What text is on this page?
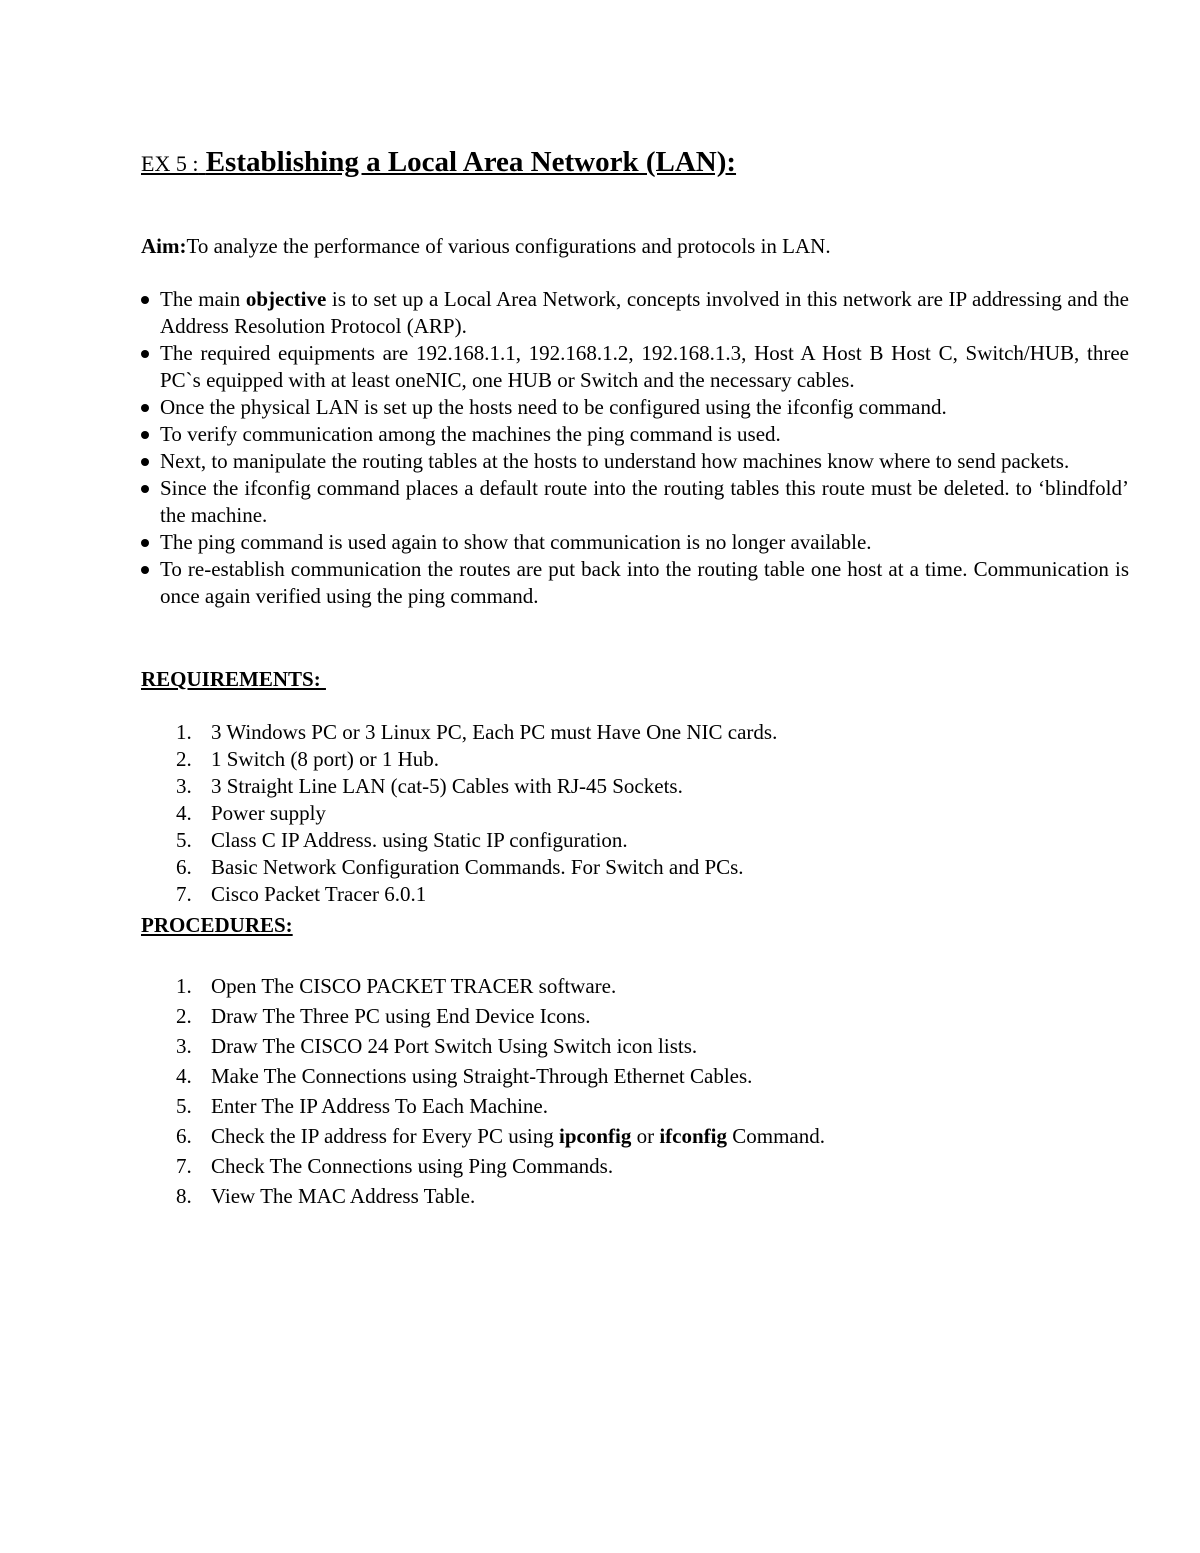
EX 5 : Establishing a Local Area Network (LAN):
Aim:To analyze the performance of various configurations and protocols in LAN.
The main objective is to set up a Local Area Network, concepts involved in this network are IP addressing and the Address Resolution Protocol (ARP).
The required equipments are 192.168.1.1, 192.168.1.2, 192.168.1.3, Host A Host B Host C, Switch/HUB, three PC`s equipped with at least oneNIC, one HUB or Switch and the necessary cables.
Once the physical LAN is set up the hosts need to be configured using the ifconfig command.
To verify communication among the machines the ping command is used.
Next, to manipulate the routing tables at the hosts to understand how machines know where to send packets.
Since the ifconfig command places a default route into the routing tables this route must be deleted. to ‘blindfold’ the machine.
The ping command is used again to show that communication is no longer available.
To re-establish communication the routes are put back into the routing table one host at a time. Communication is once again verified using the ping command.
REQUIREMENTS:
1. 3 Windows PC or 3 Linux PC, Each PC must Have One NIC cards.
2. 1 Switch (8 port) or 1 Hub.
3. 3 Straight Line LAN (cat-5) Cables with RJ-45 Sockets.
4. Power supply
5. Class C IP Address. using Static IP configuration.
6. Basic Network Configuration Commands. For Switch and PCs.
7. Cisco Packet Tracer 6.0.1
PROCEDURES:
1. Open The CISCO PACKET TRACER software.
2. Draw The Three PC using End Device Icons.
3. Draw The CISCO 24 Port Switch Using Switch icon lists.
4. Make The Connections using Straight-Through Ethernet Cables.
5. Enter The IP Address To Each Machine.
6. Check the IP address for Every PC using ipconfig or ifconfig Command.
7. Check The Connections using Ping Commands.
8. View The MAC Address Table.
